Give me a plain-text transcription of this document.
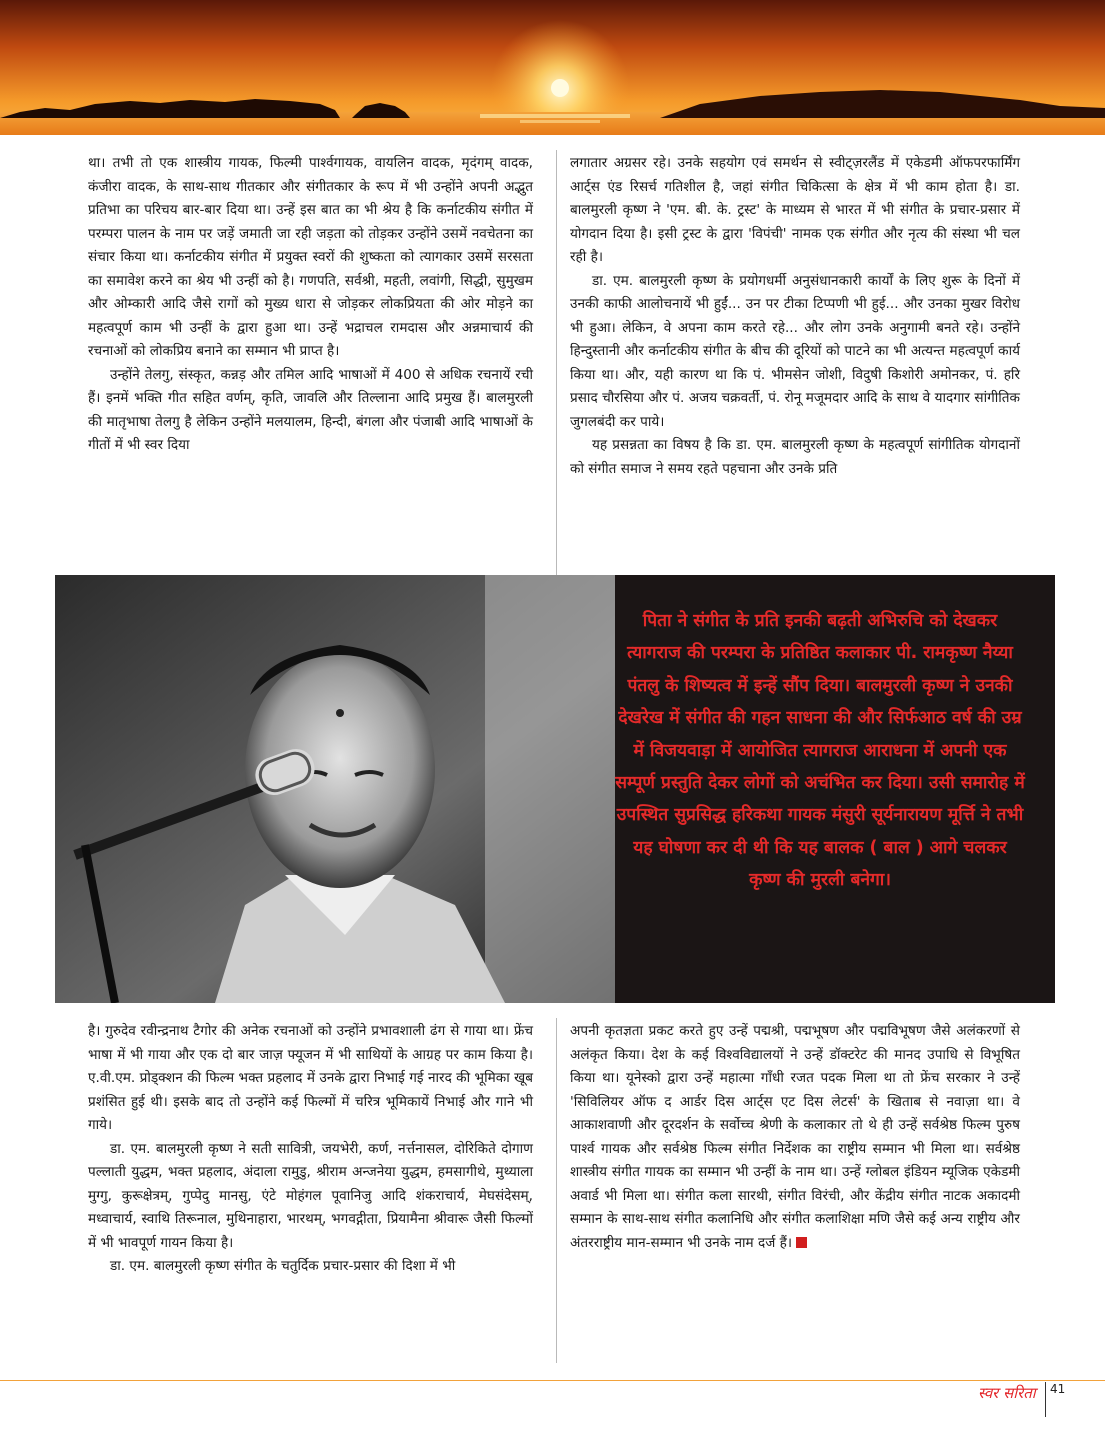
था। तभी तो एक शास्त्रीय गायक, फिल्मी पार्श्वगायक, वायलिन वादक, मृदंगम् वादक, कंजीरा वादक, के साथ-साथ गीतकार और संगीतकार के रूप में भी उन्होंने अपनी अद्भुत प्रतिभा का परिचय बार-बार दिया था। उन्हें इस बात का भी श्रेय है कि कर्नाटकीय संगीत में परम्परा पालन के नाम पर जड़ें जमाती जा रही जड़ता को तोड़कर उन्होंने उसमें नवचेतना का संचार किया था। कर्नाटकीय संगीत में प्रयुक्त स्वरों की शुष्कता को त्यागकार उसमें सरसता का समावेश करने का श्रेय भी उन्हीं को है। गणपति, सर्वश्री, महती, लवांगी, सिद्धी, सुमुखम और ओम्कारी आदि जैसे रागों को मुख्य धारा से जोड़कर लोकप्रियता की ओर मोड़ने का महत्वपूर्ण काम भी उन्हीं के द्वारा हुआ था। उन्हें भद्राचल रामदास और अन्नमाचार्य की रचनाओं को लोकप्रिय बनाने का सम्मान भी प्राप्त है।

उन्होंने तेलगु, संस्कृत, कन्नड़ और तमिल आदि भाषाओं में 400 से अधिक रचनायें रची हैं। इनमें भक्ति गीत सहित वर्णम्, कृति, जावलि और तिल्लाना आदि प्रमुख हैं। बालमुरली की मातृभाषा तेलगु है लेकिन उन्होंने मलयालम, हिन्दी, बंगला और पंजाबी आदि भाषाओं के गीतों में भी स्वर दिया

लगातार अग्रसर रहे। उनके सहयोग एवं समर्थन से स्वीट्ज़रलैंड में एकेडमी ऑफपरफार्मिंग आर्ट्स एंड रिसर्च गतिशील है, जहां संगीत चिकित्सा के क्षेत्र में भी काम होता है। डा. बालमुरली कृष्ण ने 'एम. बी. के. ट्रस्ट' के माध्यम से भारत में भी संगीत के प्रचार-प्रसार में योगदान दिया है। इसी ट्रस्ट के द्वारा 'विपंची' नामक एक संगीत और नृत्य की संस्था भी चल रही है।

डा. एम. बालमुरली कृष्ण के प्रयोगधर्मी अनुसंधानकारी कार्यों के लिए शुरू के दिनों में उनकी काफी आलोचनायें भी हुईं... उन पर टीका टिप्पणी भी हुई... और उनका मुखर विरोध भी हुआ। लेकिन, वे अपना काम करते रहे... और लोग उनके अनुगामी बनते रहे। उन्होंने हिन्दुस्तानी और कर्नाटकीय संगीत के बीच की दूरियों को पाटने का भी अत्यन्त महत्वपूर्ण कार्य किया था। और, यही कारण था कि पं. भीमसेन जोशी, विदुषी किशोरी अमोनकर, पं. हरि प्रसाद चौरसिया और पं. अजय चक्रवर्ती, पं. रोनू मजूमदार आदि के साथ वे यादगार सांगीतिक जुगलबंदी कर पाये।

यह प्रसन्नता का विषय है कि डा. एम. बालमुरली कृष्ण के महत्वपूर्ण सांगीतिक योगदानों को संगीत समाज ने समय रहते पहचाना और उनके प्रति

पिता ने संगीत के प्रति इनकी बढ़ती अभिरुचि को देखकर त्यागराज की परम्परा के प्रतिष्ठित कलाकार पी. रामकृष्ण नैय्या पंतलु के शिष्यत्व में इन्हें सौंप दिया। बालमुरली कृष्ण ने उनकी देखरेख में संगीत की गहन साधना की और सिर्फआठ वर्ष की उम्र में विजयवाड़ा में आयोजित त्यागराज आराधना में अपनी एक सम्पूर्ण प्रस्तुति देकर लोगों को अचंभित कर दिया। उसी समारोह में उपस्थित सुप्रसिद्ध हरिकथा गायक मंसुरी सूर्यनारायण मूर्त्ति ने तभी यह घोषणा कर दी थी कि यह बालक ( बाल ) आगे चलकर कृष्ण की मुरली बनेगा।

है। गुरुदेव रवीन्द्रनाथ टैगोर की अनेक रचनाओं को उन्होंने प्रभावशाली ढंग से गाया था। फ्रेंच भाषा में भी गाया और एक दो बार जाज़ फ्यूजन में भी साथियों के आग्रह पर काम किया है। ए.वी.एम. प्रोड्क्शन की फिल्म भक्त प्रहलाद में उनके द्वारा निभाई गई नारद की भूमिका खूब प्रशंसित हुई थी। इसके बाद तो उन्होंने कई फिल्मों में चरित्र भूमिकायें निभाई और गाने भी गाये।

डा. एम. बालमुरली कृष्ण ने सती सावित्री, जयभेरी, कर्ण, नर्त्तनासल, दोरिकिते दोगाण पल्लाती युद्धम, भक्त प्रहलाद, अंदाला रामुडु, श्रीराम अन्जनेया युद्धम, हमसागीथे, मुथ्याला मुग्गु, कुरूक्षेत्रम्, गुप्पेदु मानसु, एंटे मोहंगल पूवानिजु आदि शंकराचार्य, मेघसंदेसम्, मध्वाचार्य, स्वाथि तिरूनाल, मुथिनाहारा, भारथम्, भगवद्गीता, प्रियामैना श्रीवारू जैसी फिल्मों में भी भावपूर्ण गायन किया है।

डा. एम. बालमुरली कृष्ण संगीत के चतुर्दिक प्रचार-प्रसार की दिशा में भी

अपनी कृतज्ञता प्रकट करते हुए उन्हें पद्मश्री, पद्मभूषण और पद्मविभूषण जैसे अलंकरणों से अलंकृत किया। देश के कई विश्वविद्यालयों ने उन्हें डॉक्टरेट की मानद उपाधि से विभूषित किया था। यूनेस्को द्वारा उन्हें महात्मा गाँधी रजत पदक मिला था तो फ्रेंच सरकार ने उन्हें 'सिविलियर ऑफ द आर्डर दिस आर्ट्स एट दिस लेटर्स' के खिताब से नवाज़ा था। वे आकाशवाणी और दूरदर्शन के सर्वोच्च श्रेणी के कलाकार तो थे ही उन्हें सर्वश्रेष्ठ फिल्म पुरुष पार्श्व गायक और सर्वश्रेष्ठ फिल्म संगीत निर्देशक का राष्ट्रीय सम्मान भी मिला था। सर्वश्रेष्ठ शास्त्रीय संगीत गायक का सम्मान भी उन्हीं के नाम था। उन्हें ग्लोबल इंडियन म्यूजिक एकेडमी अवार्ड भी मिला था। संगीत कला सारथी, संगीत विरंची, और केंद्रीय संगीत नाटक अकादमी सम्मान के साथ-साथ संगीत कलानिधि और संगीत कलाशिक्षा मणि जैसे कई अन्य राष्ट्रीय और अंतरराष्ट्रीय मान-सम्मान भी उनके नाम दर्ज हैं।

स्वर सरिता	41
